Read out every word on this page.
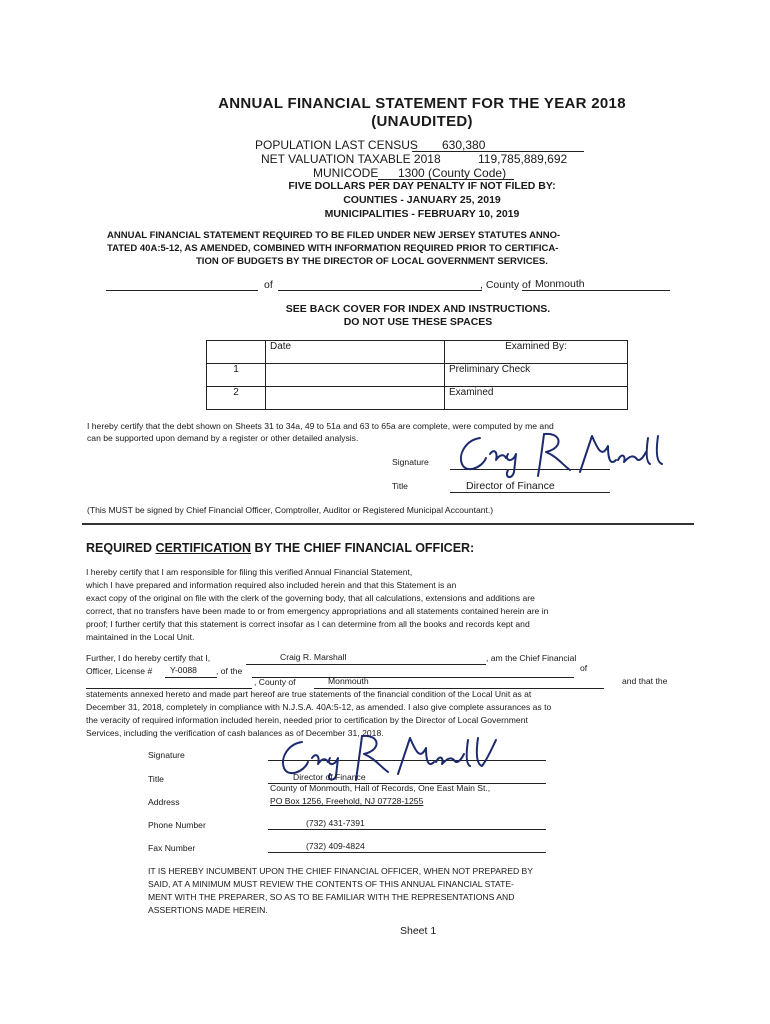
ANNUAL FINANCIAL STATEMENT FOR THE YEAR 2018
(UNAUDITED)
POPULATION LAST CENSUS 630,380
NET VALUATION TAXABLE 2018	119,785,889,692
MUNICODE 1300 (County Code)
FIVE DOLLARS PER DAY PENALTY IF NOT FILED BY:
COUNTIES - JANUARY 25, 2019
MUNICIPALITIES - FEBRUARY 10, 2019
ANNUAL FINANCIAL STATEMENT REQUIRED TO BE FILED UNDER NEW JERSEY STATUTES ANNO-
TATED 40A:5-12, AS AMENDED, COMBINED WITH INFORMATION REQUIRED PRIOR TO CERTIFICA-
TION OF BUDGETS BY THE DIRECTOR OF LOCAL GOVERNMENT SERVICES.
of	, County of Monmouth
SEE BACK COVER FOR INDEX AND INSTRUCTIONS.
DO NOT USE THESE SPACES
	Date	Examined By:
1		Preliminary Check
2		Examined
I hereby certify that the debt shown on Sheets 31 to 34a, 49 to 51a and 63 to 65a are complete, were computed by me and
can be supported upon demand by a register or other detailed analysis.
Signature
Title	Director of Finance
(This MUST be signed by Chief Financial Officer, Comptroller, Auditor or Registered Municipal Accountant.)
REQUIRED CERTIFICATION BY THE CHIEF FINANCIAL OFFICER:
I hereby certify that I am responsible for filing this verified Annual Financial Statement,
which I have prepared and information required also included herein and that this Statement is an
exact copy of the original on file with the clerk of the governing body, that all calculations, extensions and additions are
correct, that no transfers have been made to or from emergency appropriations and all statements contained herein are in
proof; I further certify that this statement is correct insofar as I can determine from all the books and records kept and
maintained in the Local Unit.
Further, I do hereby certify that I,	Craig R. Marshall	, am the Chief Financial
Officer, License # Y-0088 , of the	of
, County of	Monmouth	and that the
statements annexed hereto and made part hereof are true statements of the financial condition of the Local Unit as at
December 31, 2018, completely in compliance with N.J.S.A. 40A:5-12, as amended. I also give complete assurances as to
the veracity of required information included herein, needed prior to certification by the Director of Local Government
Services, including the verification of cash balances as of December 31, 2018.
Signature
Title	Director of Finance
County of Monmouth, Hall of Records, One East Main St.,
Address	PO Box 1256, Freehold, NJ 07728-1255
Phone Number	(732) 431-7391
Fax Number	(732) 409-4824
IT IS HEREBY INCUMBENT UPON THE CHIEF FINANCIAL OFFICER, WHEN NOT PREPARED BY
SAID, AT A MINIMUM MUST REVIEW THE CONTENTS OF THIS ANNUAL FINANCIAL STATE-
MENT WITH THE PREPARER, SO AS TO BE FAMILIAR WITH THE REPRESENTATIONS AND
ASSERTIONS MADE HEREIN.
Sheet 1
